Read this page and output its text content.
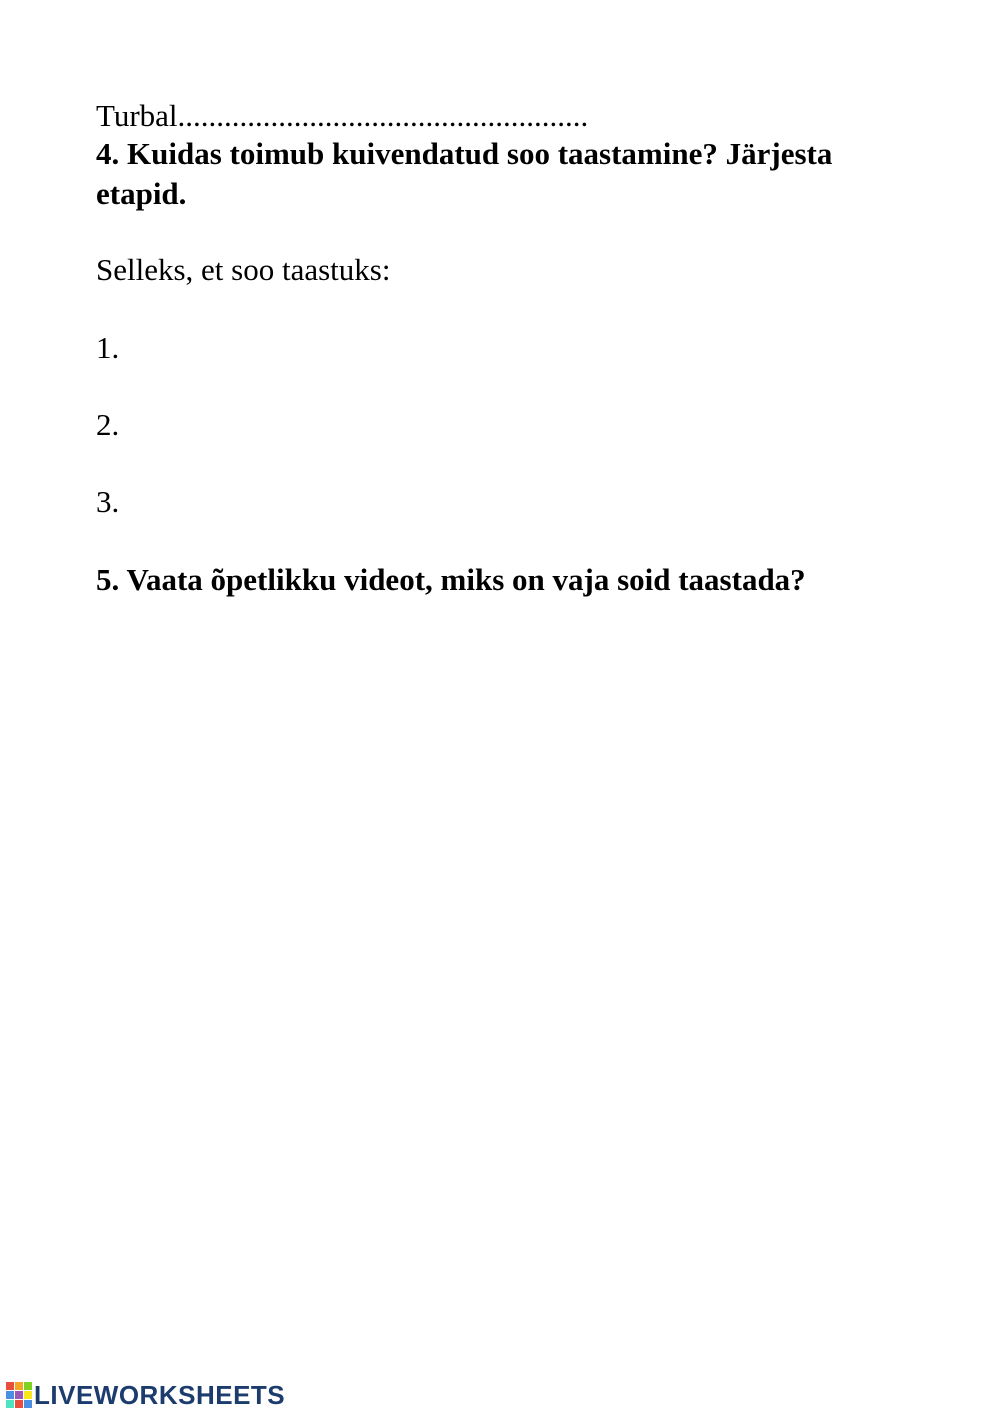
Turbal.....................................................
4. Kuidas toimub kuivendatud soo taastamine? Järjesta etapid.
Selleks, et soo taastuks:
1.
2.
3.
5. Vaata õpetlikku videot, miks on vaja soid taastada?
LIVEWORKSHEETS
